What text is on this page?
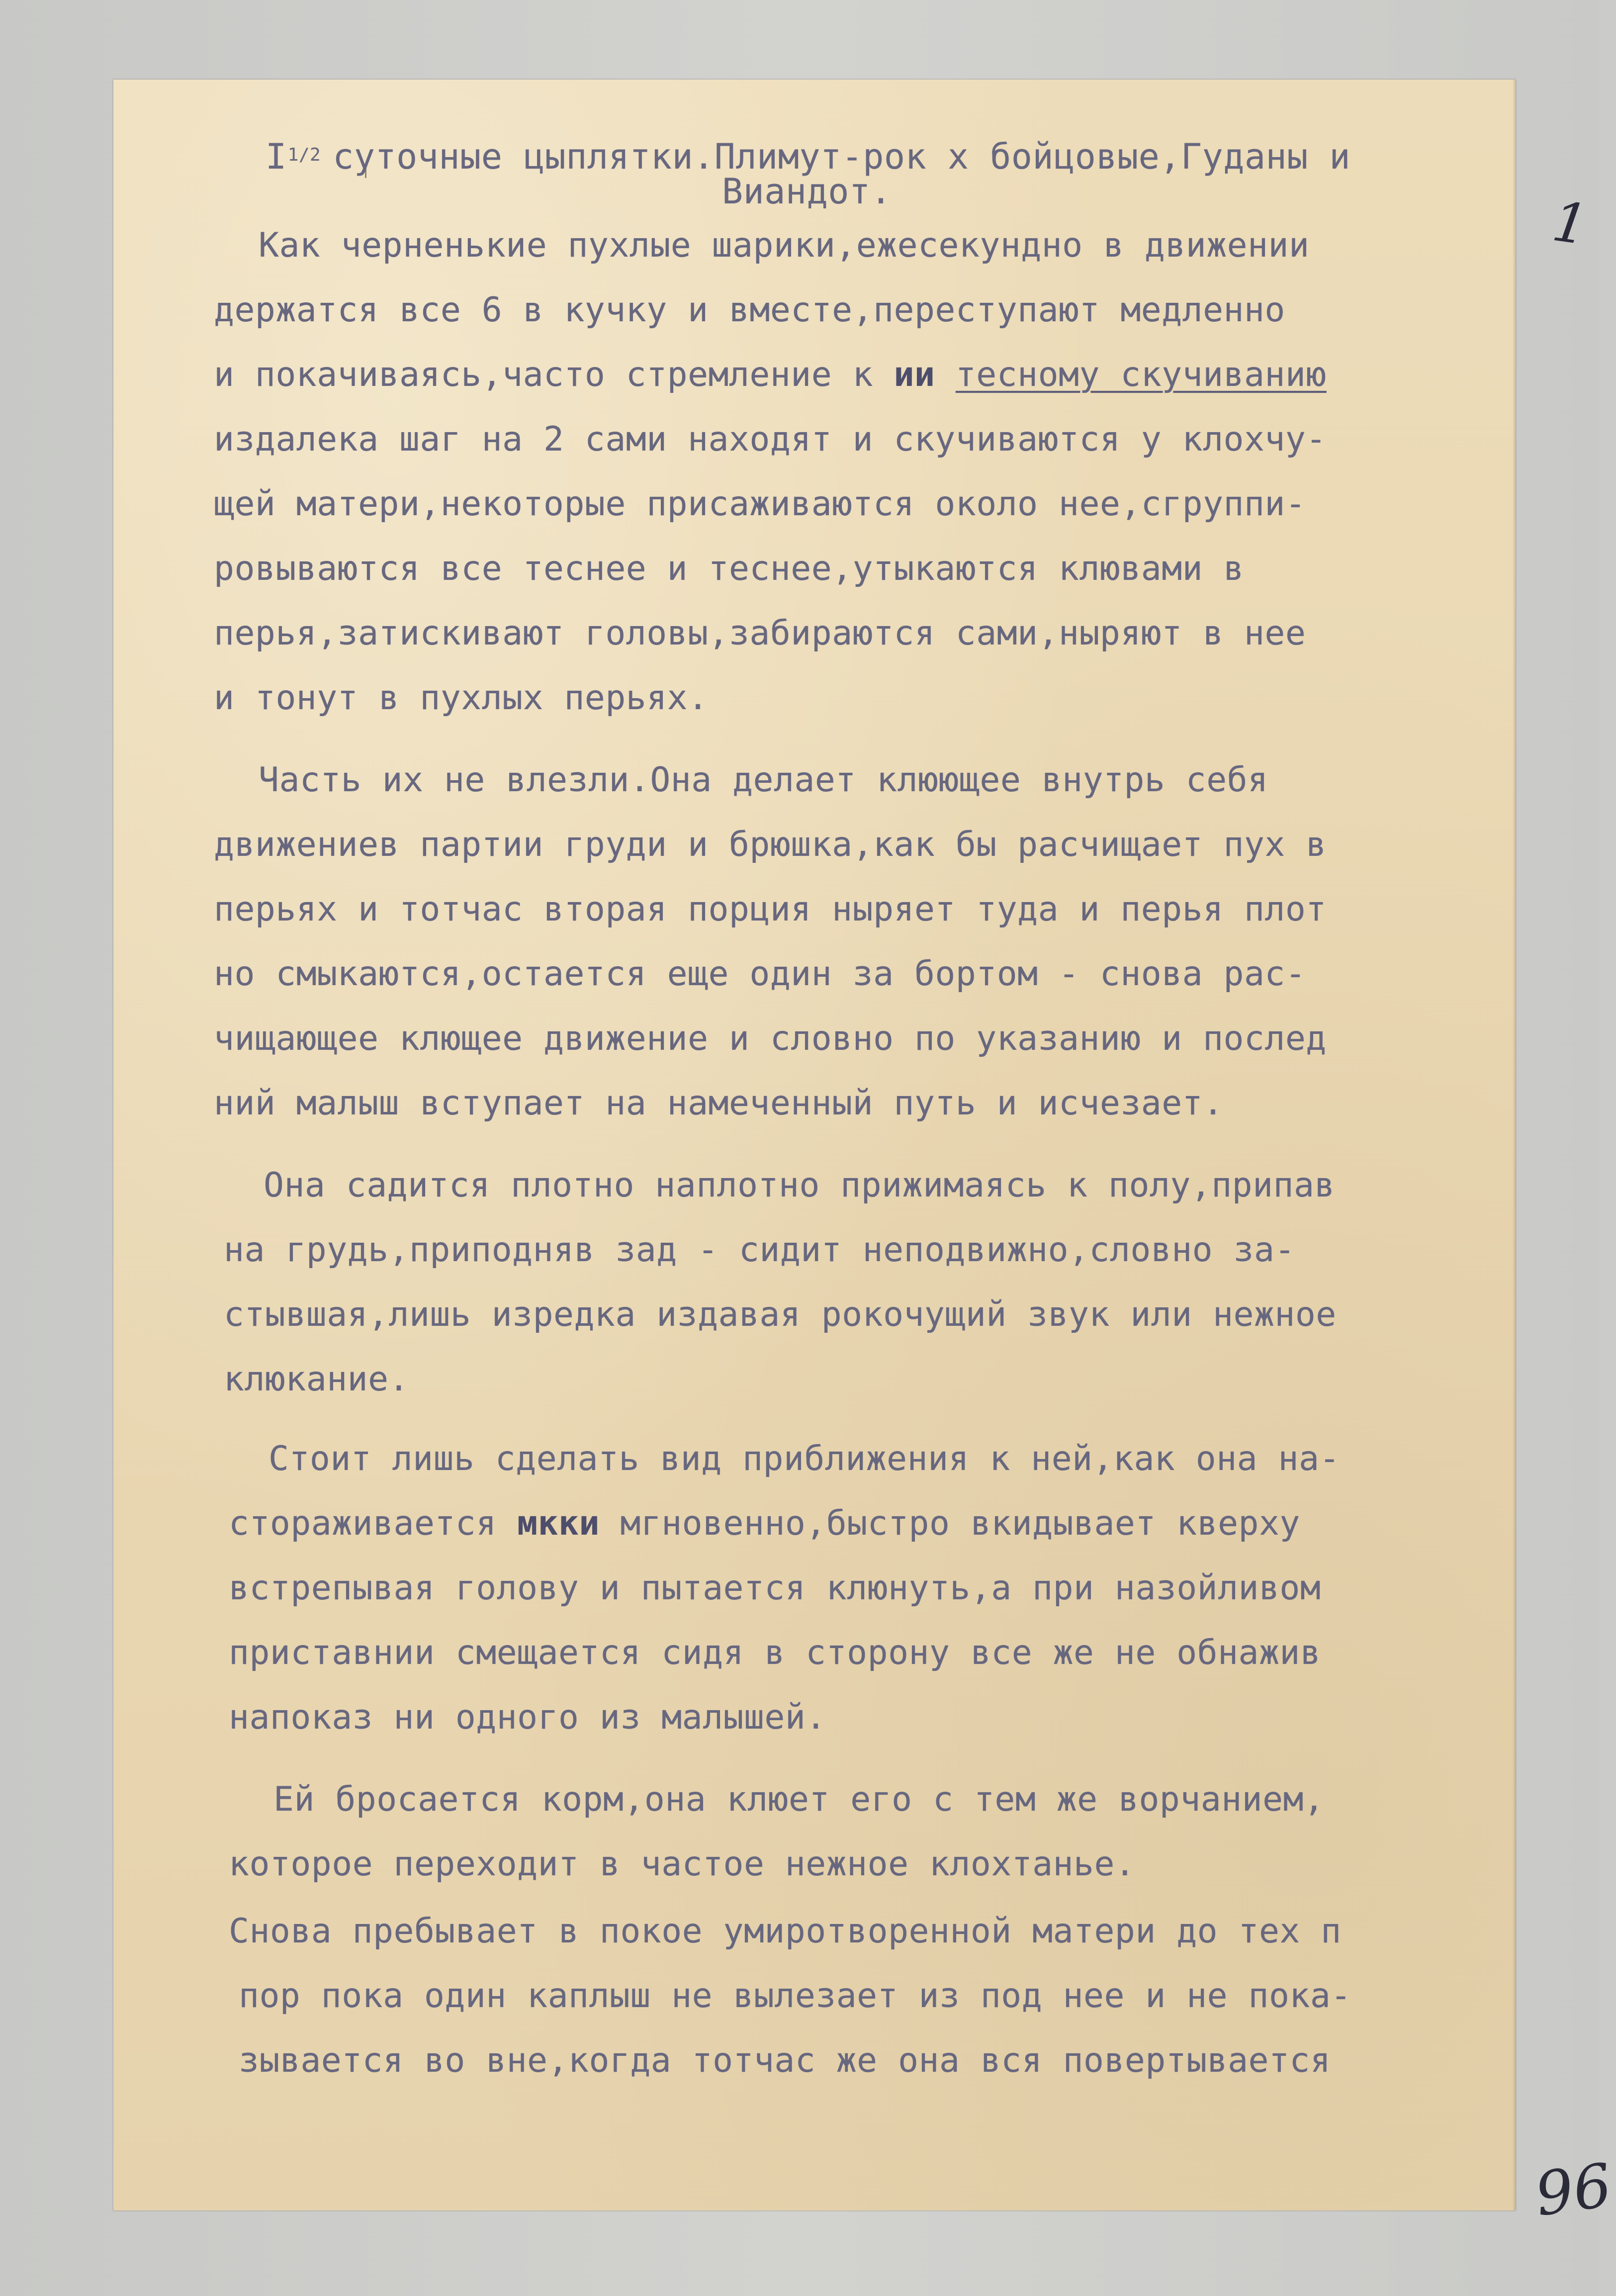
I1/2 суточные цыплятки.Плимут-рок х бойцовые,Гуданы и
Виандот.
Как черненькие пухлые шарики,ежесекундно в движении
держатся все 6 в кучку и вместе,переступают медленно
и покачиваясь,часто стремление к ии тесному скучиванию
издалека шаг на 2 сами находят и скучиваются у клохчу-
щей матери,некоторые присаживаются около нее,сгруппи-
ровываются все теснее и теснее,утыкаются клювами в
перья,затискивают головы,забираются сами,ныряют в нее
и тонут в пухлых перьях.
Часть их не влезли.Она делает клюющее внутрь себя
движениев партии груди и брюшка,как бы расчищает пух в
перьях и тотчас вторая порция ныряет туда и перья плот
но смыкаются,остается еще один за бортом - снова рас-
чищающее клющее движение и словно по указанию и послед
ний малыш вступает на намеченный путь и исчезает.
Она садится плотно наплотно прижимаясь к полу,припав
на грудь,приподняв зад - сидит неподвижно,словно за-
стывшая,лишь изредка издавая рокочущий звук или нежное
клюкание.
Стоит лишь сделать вид приближения к ней,как она на-
стораживается мкки мгновенно,быстро вкидывает кверху
встрепывая голову и пытается клюнуть,а при назойливом
приставнии смещается сидя в сторону все же не обнажив
напоказ ни одного из малышей.
Ей бросается корм,она клюет его с тем же ворчанием,
которое переходит в частое нежное клохтанье.
Снова пребывает в покое умиротворенной матери до тех п
пор пока один каплыш не вылезает из под нее и не пока-
зывается во вне,когда тотчас же она вся повертывается
1
96
